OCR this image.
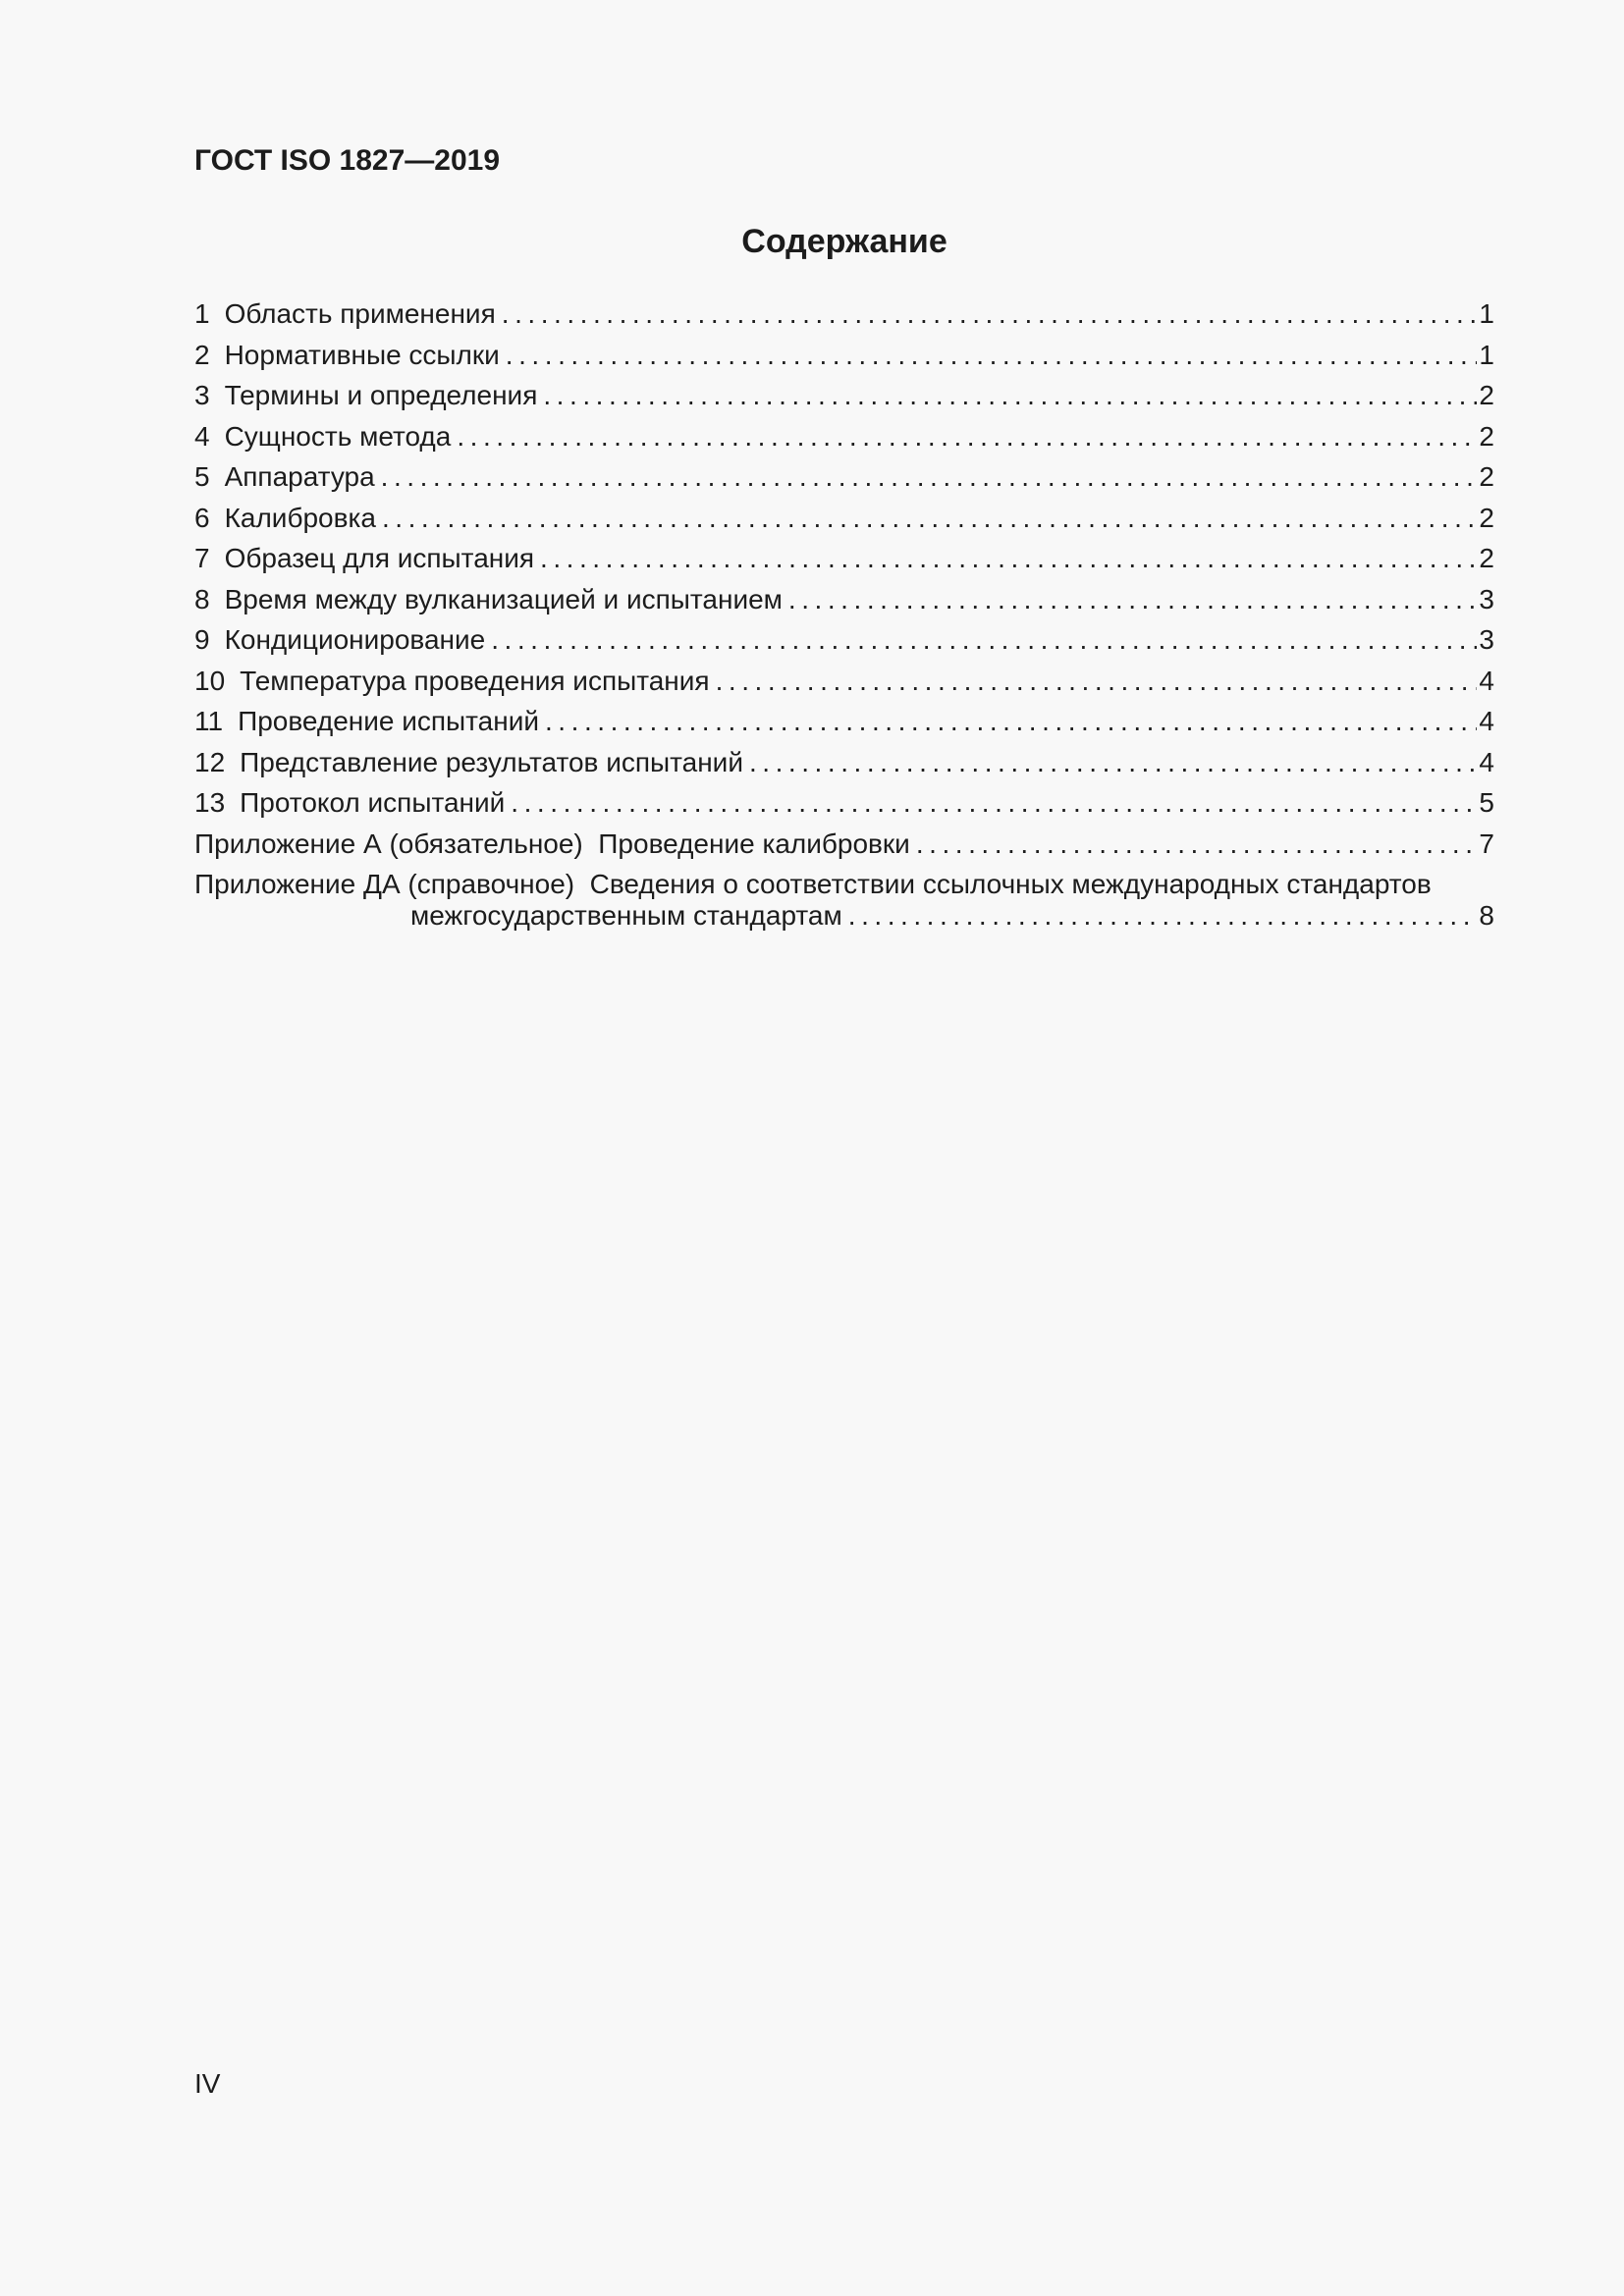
ГОСТ ISO 1827—2019
Содержание
1 Область применения . . .	1
2 Нормативные ссылки . . .	1
3 Термины и определения . . .	2
4 Сущность метода . . .	2
5 Аппаратура . . .	2
6 Калибровка . . .	2
7 Образец для испытания . . .	2
8 Время между вулканизацией и испытанием . . .	3
9 Кондиционирование . . .	3
10 Температура проведения испытания . . .	4
11 Проведение испытаний . . .	4
12 Представление результатов испытаний . . .	4
13 Протокол испытаний . . .	5
Приложение А (обязательное)  Проведение калибровки . . .	7
Приложение ДА (справочное)  Сведения о соответствии ссылочных международных стандартов
межгосударственным стандартам . . .	8
IV
